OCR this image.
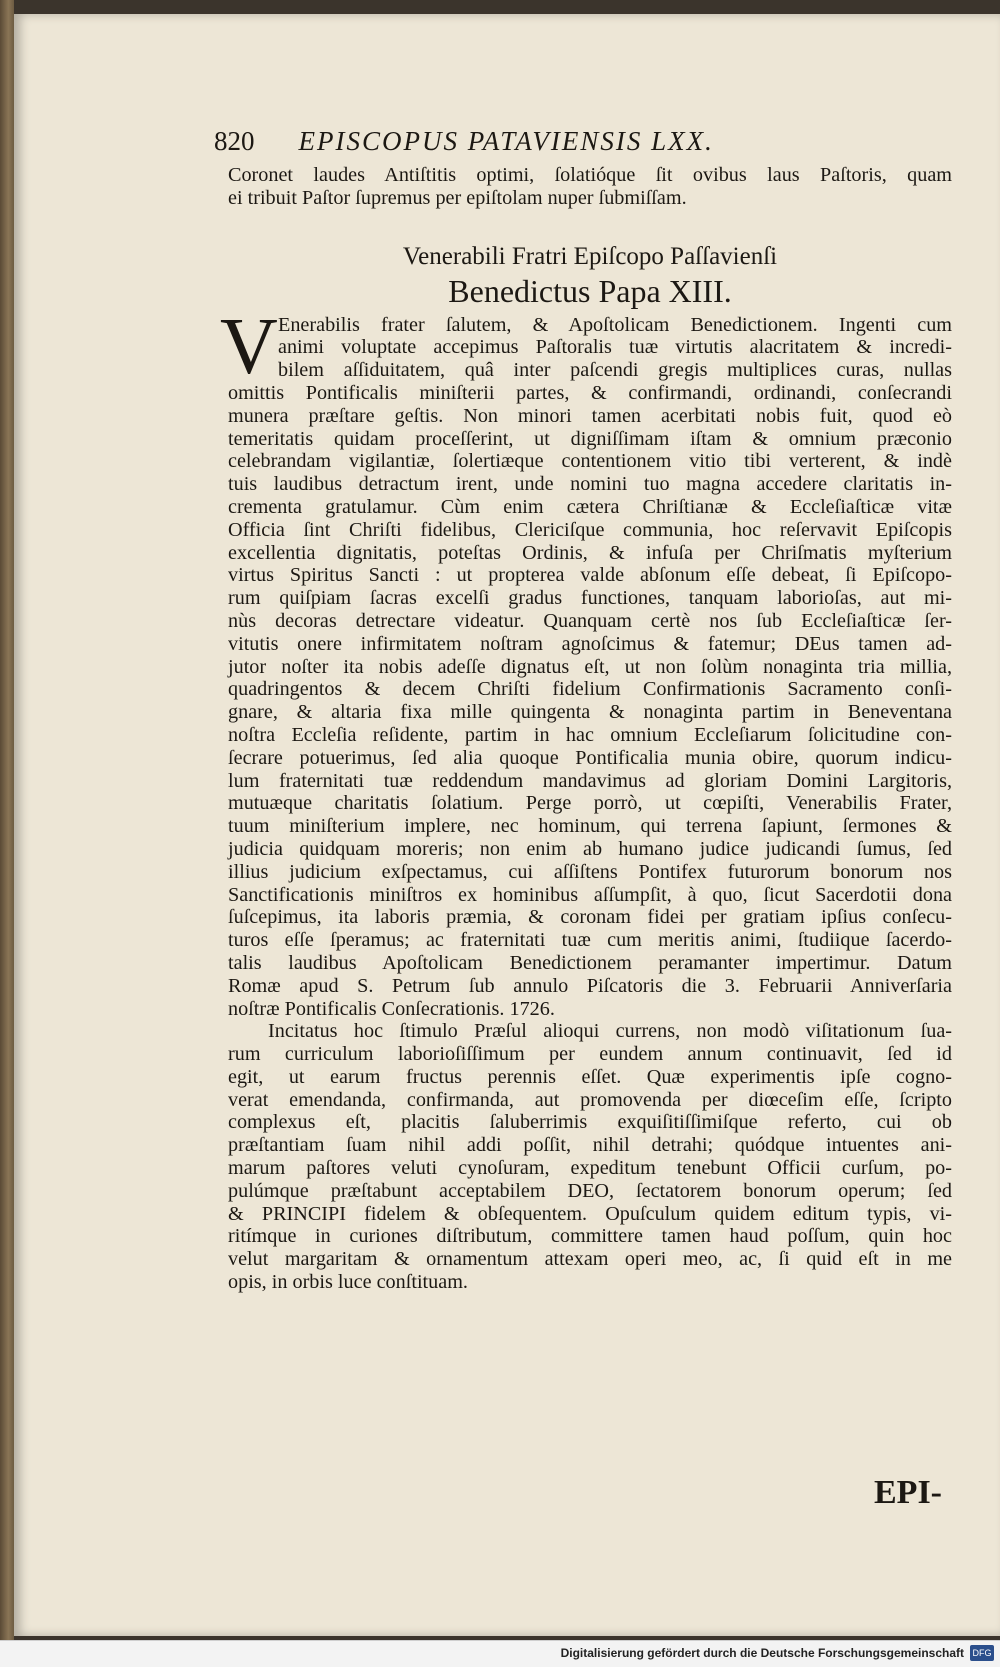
820 EPISCOPUS PATAVIENSIS LXX.
Coronet laudes Antiſtitis optimi, ſolatióque ſit ovibus laus Paſtoris, quam
ei tribuit Paſtor ſupremus per epiſtolam nuper ſubmiſſam.
Venerabili Fratri Epiſcopo Paſſavienſi
Benedictus Papa XIII.
V Enerabilis frater ſalutem, & Apoſtolicam Benedictionem. Ingenti cum
animi voluptate accepimus Paſtoralis tuæ virtutis alacritatem & incredi-
bilem aſſiduitatem, quâ inter paſcendi gregis multiplices curas, nullas
omittis Pontificalis miniſterii partes, & confirmandi, ordinandi, conſecrandi
munera præſtare geſtis. Non minori tamen acerbitati nobis fuit, quod eò
temeritatis quidam proceſſerint, ut digniſſimam iſtam & omnium præconio
celebrandam vigilantiæ, ſolertiæque contentionem vitio tibi verterent, & indè
tuis laudibus detractum irent, unde nomini tuo magna accedere claritatis in-
crementa gratulamur. Cùm enim cætera Chriſtianæ & Eccleſiaſticæ vitæ
Officia ſint Chriſti fidelibus, Clericiſque communia, hoc reſervavit Epiſcopis
excellentia dignitatis, poteſtas Ordinis, & infuſa per Chriſmatis myſterium
virtus Spiritus Sancti : ut propterea valde abſonum eſſe debeat, ſi Epiſcopo-
rum quiſpiam ſacras excelſi gradus functiones, tanquam laborioſas, aut mi-
nùs decoras detrectare videatur. Quanquam certè nos ſub Eccleſiaſticæ ſer-
vitutis onere infirmitatem noſtram agnoſcimus & fatemur; DEus tamen ad-
jutor noſter ita nobis adeſſe dignatus eſt, ut non ſolùm nonaginta tria millia,
quadringentos & decem Chriſti fidelium Confirmationis Sacramento conſi-
gnare, & altaria fixa mille quingenta & nonaginta partim in Beneventana
noſtra Eccleſia reſidente, partim in hac omnium Eccleſiarum ſolicitudine con-
ſecrare potuerimus, ſed alia quoque Pontificalia munia obire, quorum indicu-
lum fraternitati tuæ reddendum mandavimus ad gloriam Domini Largitoris,
mutuæque charitatis ſolatium. Perge porrò, ut cœpiſti, Venerabilis Frater,
tuum miniſterium implere, nec hominum, qui terrena ſapiunt, ſermones &
judicia quidquam moreris; non enim ab humano judice judicandi ſumus, ſed
illius judicium exſpectamus, cui aſſiſtens Pontifex futurorum bonorum nos
Sanctificationis miniſtros ex hominibus aſſumpſit, à quo, ſicut Sacerdotii dona
ſuſcepimus, ita laboris præmia, & coronam fidei per gratiam ipſius conſecu-
turos eſſe ſperamus; ac fraternitati tuæ cum meritis animi, ſtudiique ſacerdo-
talis laudibus Apoſtolicam Benedictionem peramanter impertimur. Datum
Romæ apud S. Petrum ſub annulo Piſcatoris die 3. Februarii Anniverſaria
noſtræ Pontificalis Conſecrationis. 1726.
Incitatus hoc ſtimulo Præſul alioqui currens, non modò viſitationum ſua-
rum curriculum laborioſiſſimum per eundem annum continuavit, ſed id
egit, ut earum fructus perennis eſſet. Quæ experimentis ipſe cogno-
verat emendanda, confirmanda, aut promovenda per diœceſim eſſe, ſcripto
complexus eſt, placitis ſaluberrimis exquiſitiſſimiſque referto, cui ob
præſtantiam ſuam nihil addi poſſit, nihil detrahi; quódque intuentes ani-
marum paſtores veluti cynoſuram, expeditum tenebunt Officii curſum, po-
pulúmque præſtabunt acceptabilem DEO, ſectatorem bonorum operum; ſed
& PRINCIPI fidelem & obſequentem. Opuſculum quidem editum typis, vi-
ritímque in curiones diſtributum, committere tamen haud poſſum, quin hoc
velut margaritam & ornamentum attexam operi meo, ac, ſi quid eſt in me
opis, in orbis luce conſtituam.
EPI-
Digitalisierung gefördert durch die Deutsche Forschungsgemeinschaft DFG
